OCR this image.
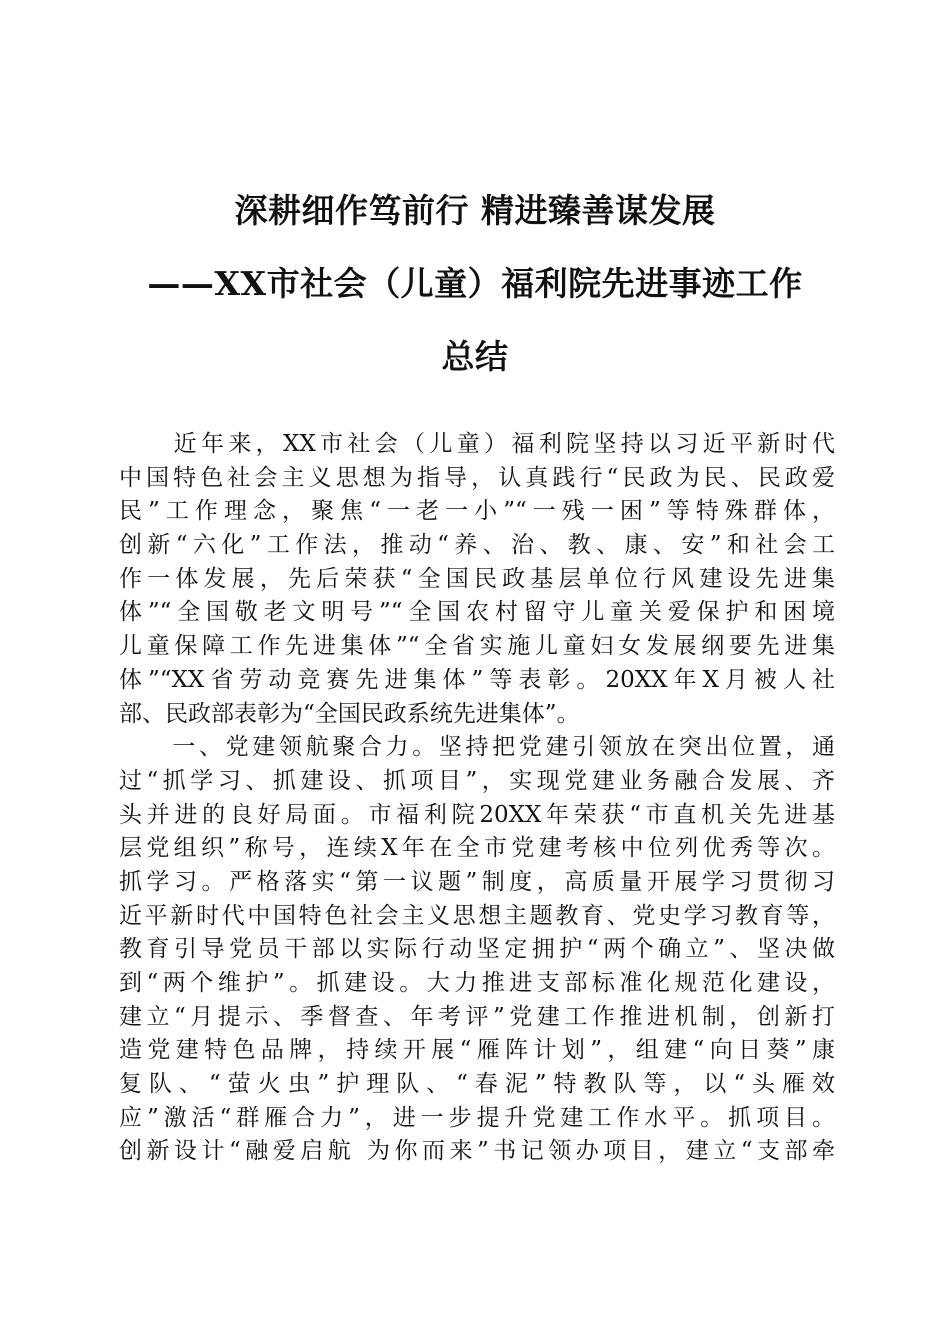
深耕细作笃前行 精进臻善谋发展
——XX市社会（儿童）福利院先进事迹工作
总结
　　近年来，XX市社会（儿童）福利院坚持以习近平新时代
中国特色社会主义思想为指导，认真践行“民政为民、民政爱
民”工作理念，聚焦“一老一小”“一残一困”等特殊群体，
创新“六化”工作法，推动“养、治、教、康、安”和社会工
作一体发展，先后荣获“全国民政基层单位行风建设先进集
体”“全国敬老文明号”“全国农村留守儿童关爱保护和困境
儿童保障工作先进集体”“全省实施儿童妇女发展纲要先进集
体”“XX省劳动竞赛先进集体”等表彰。20XX年X月被人社
部、民政部表彰为“全国民政系统先进集体”。
　　一、党建领航聚合力。坚持把党建引领放在突出位置，通
过“抓学习、抓建设、抓项目”，实现党建业务融合发展、齐
头并进的良好局面。市福利院20XX年荣获“市直机关先进基
层党组织”称号，连续X年在全市党建考核中位列优秀等次。
抓学习。严格落实“第一议题”制度，高质量开展学习贯彻习
近平新时代中国特色社会主义思想主题教育、党史学习教育等，
教育引导党员干部以实际行动坚定拥护“两个确立”、坚决做
到“两个维护”。抓建设。大力推进支部标准化规范化建设，
建立“月提示、季督查、年考评”党建工作推进机制，创新打
造党建特色品牌，持续开展“雁阵计划”，组建“向日葵”康
复队、“萤火虫”护理队、“春泥”特教队等，以“头雁效
应”激活“群雁合力”，进一步提升党建工作水平。抓项目。
创新设计“融爱启航 为你而来”书记领办项目，建立“支部牵
